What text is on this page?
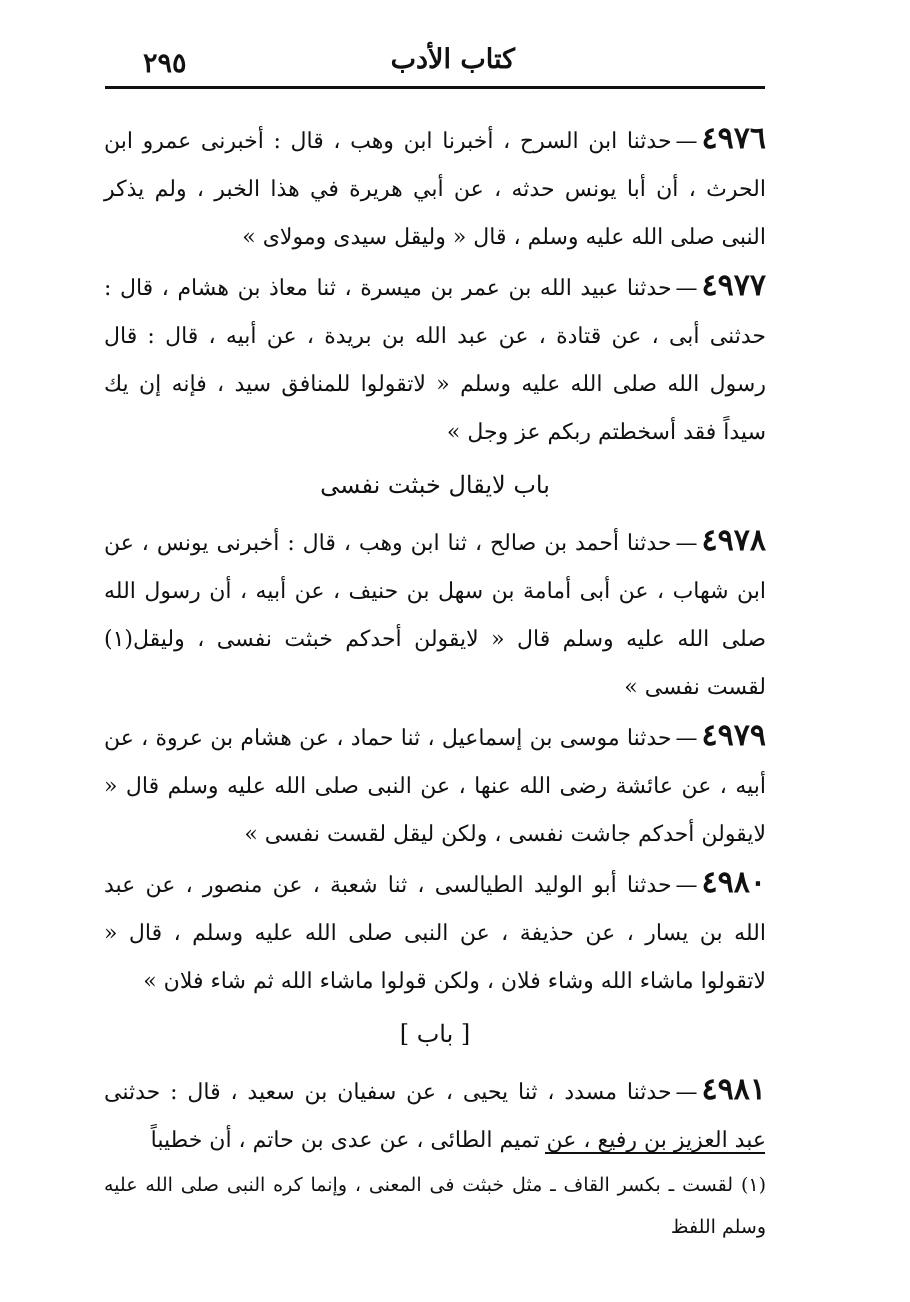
٢٩٥	كتاب الأدب

٤٩٧٦—حدثنا ابن السرح ، أخبرنا ابن وهب ، قال : أخبرنى عمرو ابن الحرث ، أن أبا يونس حدثه ، عن أبي هريرة في هذا الخبر ، ولم يذكر النبى صلى الله عليه وسلم ، قال « وليقل سيدى ومولاى »

٤٩٧٧—حدثنا عبيد الله بن عمر بن ميسرة ، ثنا معاذ بن هشام ، قال : حدثنى أبى ، عن قتادة ، عن عبد الله بن بريدة ، عن أبيه ، قال : قال رسول الله صلى الله عليه وسلم « لاتقولوا للمنافق سيد ، فإنه إن يك سيداً فقد أسخطتم ربكم عز وجل »

باب لايقال خبثت نفسى

٤٩٧٨—حدثنا أحمد بن صالح ، ثنا ابن وهب ، قال : أخبرنى يونس ، عن ابن شهاب ، عن أبى أمامة بن سهل بن حنيف ، عن أبيه ، أن رسول الله صلى الله عليه وسلم قال « لايقولن أحدكم خبثت نفسى ، وليقل(١) لقست نفسى »

٤٩٧٩—حدثنا موسى بن إسماعيل ، ثنا حماد ، عن هشام بن عروة ، عن أبيه ، عن عائشة رضى الله عنها ، عن النبى صلى الله عليه وسلم قال « لايقولن أحدكم جاشت نفسى ، ولكن ليقل لقست نفسى »

٤٩٨٠—حدثنا أبو الوليد الطيالسى ، ثنا شعبة ، عن منصور ، عن عبد الله بن يسار ، عن حذيفة ، عن النبى صلى الله عليه وسلم ، قال « لاتقولوا ماشاء الله وشاء فلان ، ولكن قولوا ماشاء الله ثم شاء فلان »

[ باب ]

٤٩٨١—حدثنا مسدد ، ثنا يحيى ، عن سفيان بن سعيد ، قال : حدثنى عبد العزيز بن رفيع ، عن تميم الطائى ، عن عدى بن حاتم ، أن خطيباً

(١) لقست ـ بكسر القاف ـ مثل خبثت فى المعنى ، وإنما كره النبى صلى الله عليه وسلم اللفظ
